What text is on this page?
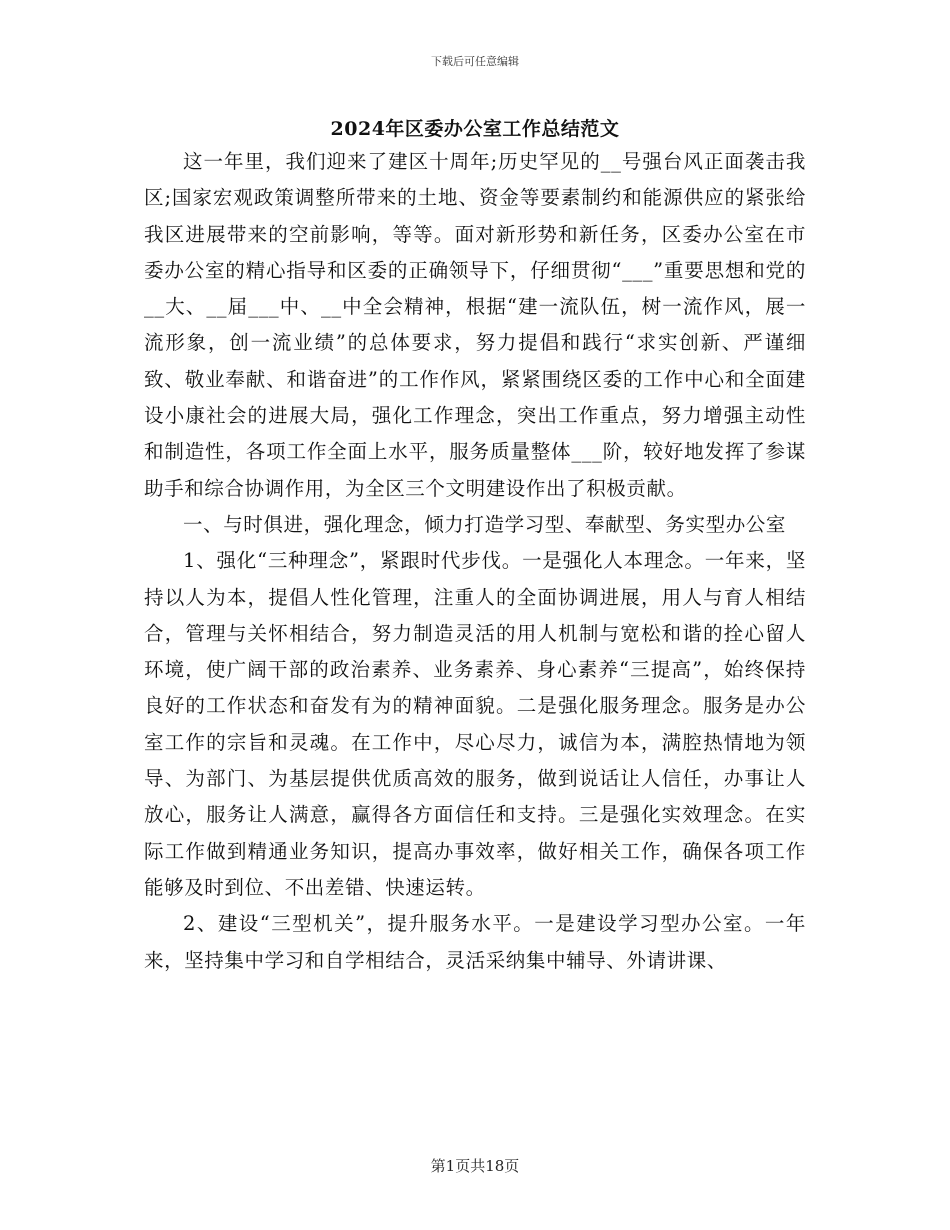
下载后可任意编辑
2024年区委办公室工作总结范文

这一年里，我们迎来了建区十周年;历史罕见的__号强台风正面袭击我区;国家宏观政策调整所带来的土地、资金等要素制约和能源供应的紧张给我区进展带来的空前影响，等等。面对新形势和新任务，区委办公室在市委办公室的精心指导和区委的正确领导下，仔细贯彻“___”重要思想和党的__大、__届___中、__中全会精神，根据“建一流队伍，树一流作风，展一流形象，创一流业绩”的总体要求，努力提倡和践行“求实创新、严谨细致、敬业奉献、和谐奋进”的工作作风，紧紧围绕区委的工作中心和全面建设小康社会的进展大局，强化工作理念，突出工作重点，努力增强主动性和制造性，各项工作全面上水平，服务质量整体___阶，较好地发挥了参谋助手和综合协调作用，为全区三个文明建设作出了积极贡献。

一、与时俱进，强化理念，倾力打造学习型、奉献型、务实型办公室

1、强化“三种理念”，紧跟时代步伐。一是强化人本理念。一年来，坚持以人为本，提倡人性化管理，注重人的全面协调进展，用人与育人相结合，管理与关怀相结合，努力制造灵活的用人机制与宽松和谐的拴心留人环境，使广阔干部的政治素养、业务素养、身心素养“三提高”，始终保持良好的工作状态和奋发有为的精神面貌。二是强化服务理念。服务是办公室工作的宗旨和灵魂。在工作中，尽心尽力，诚信为本，满腔热情地为领导、为部门、为基层提供优质高效的服务，做到说话让人信任，办事让人放心，服务让人满意，赢得各方面信任和支持。三是强化实效理念。在实际工作做到精通业务知识，提高办事效率，做好相关工作，确保各项工作能够及时到位、不出差错、快速运转。

2、建设“三型机关”，提升服务水平。一是建设学习型办公室。一年来，坚持集中学习和自学相结合，灵活采纳集中辅导、外请讲课、

第1页共18页
